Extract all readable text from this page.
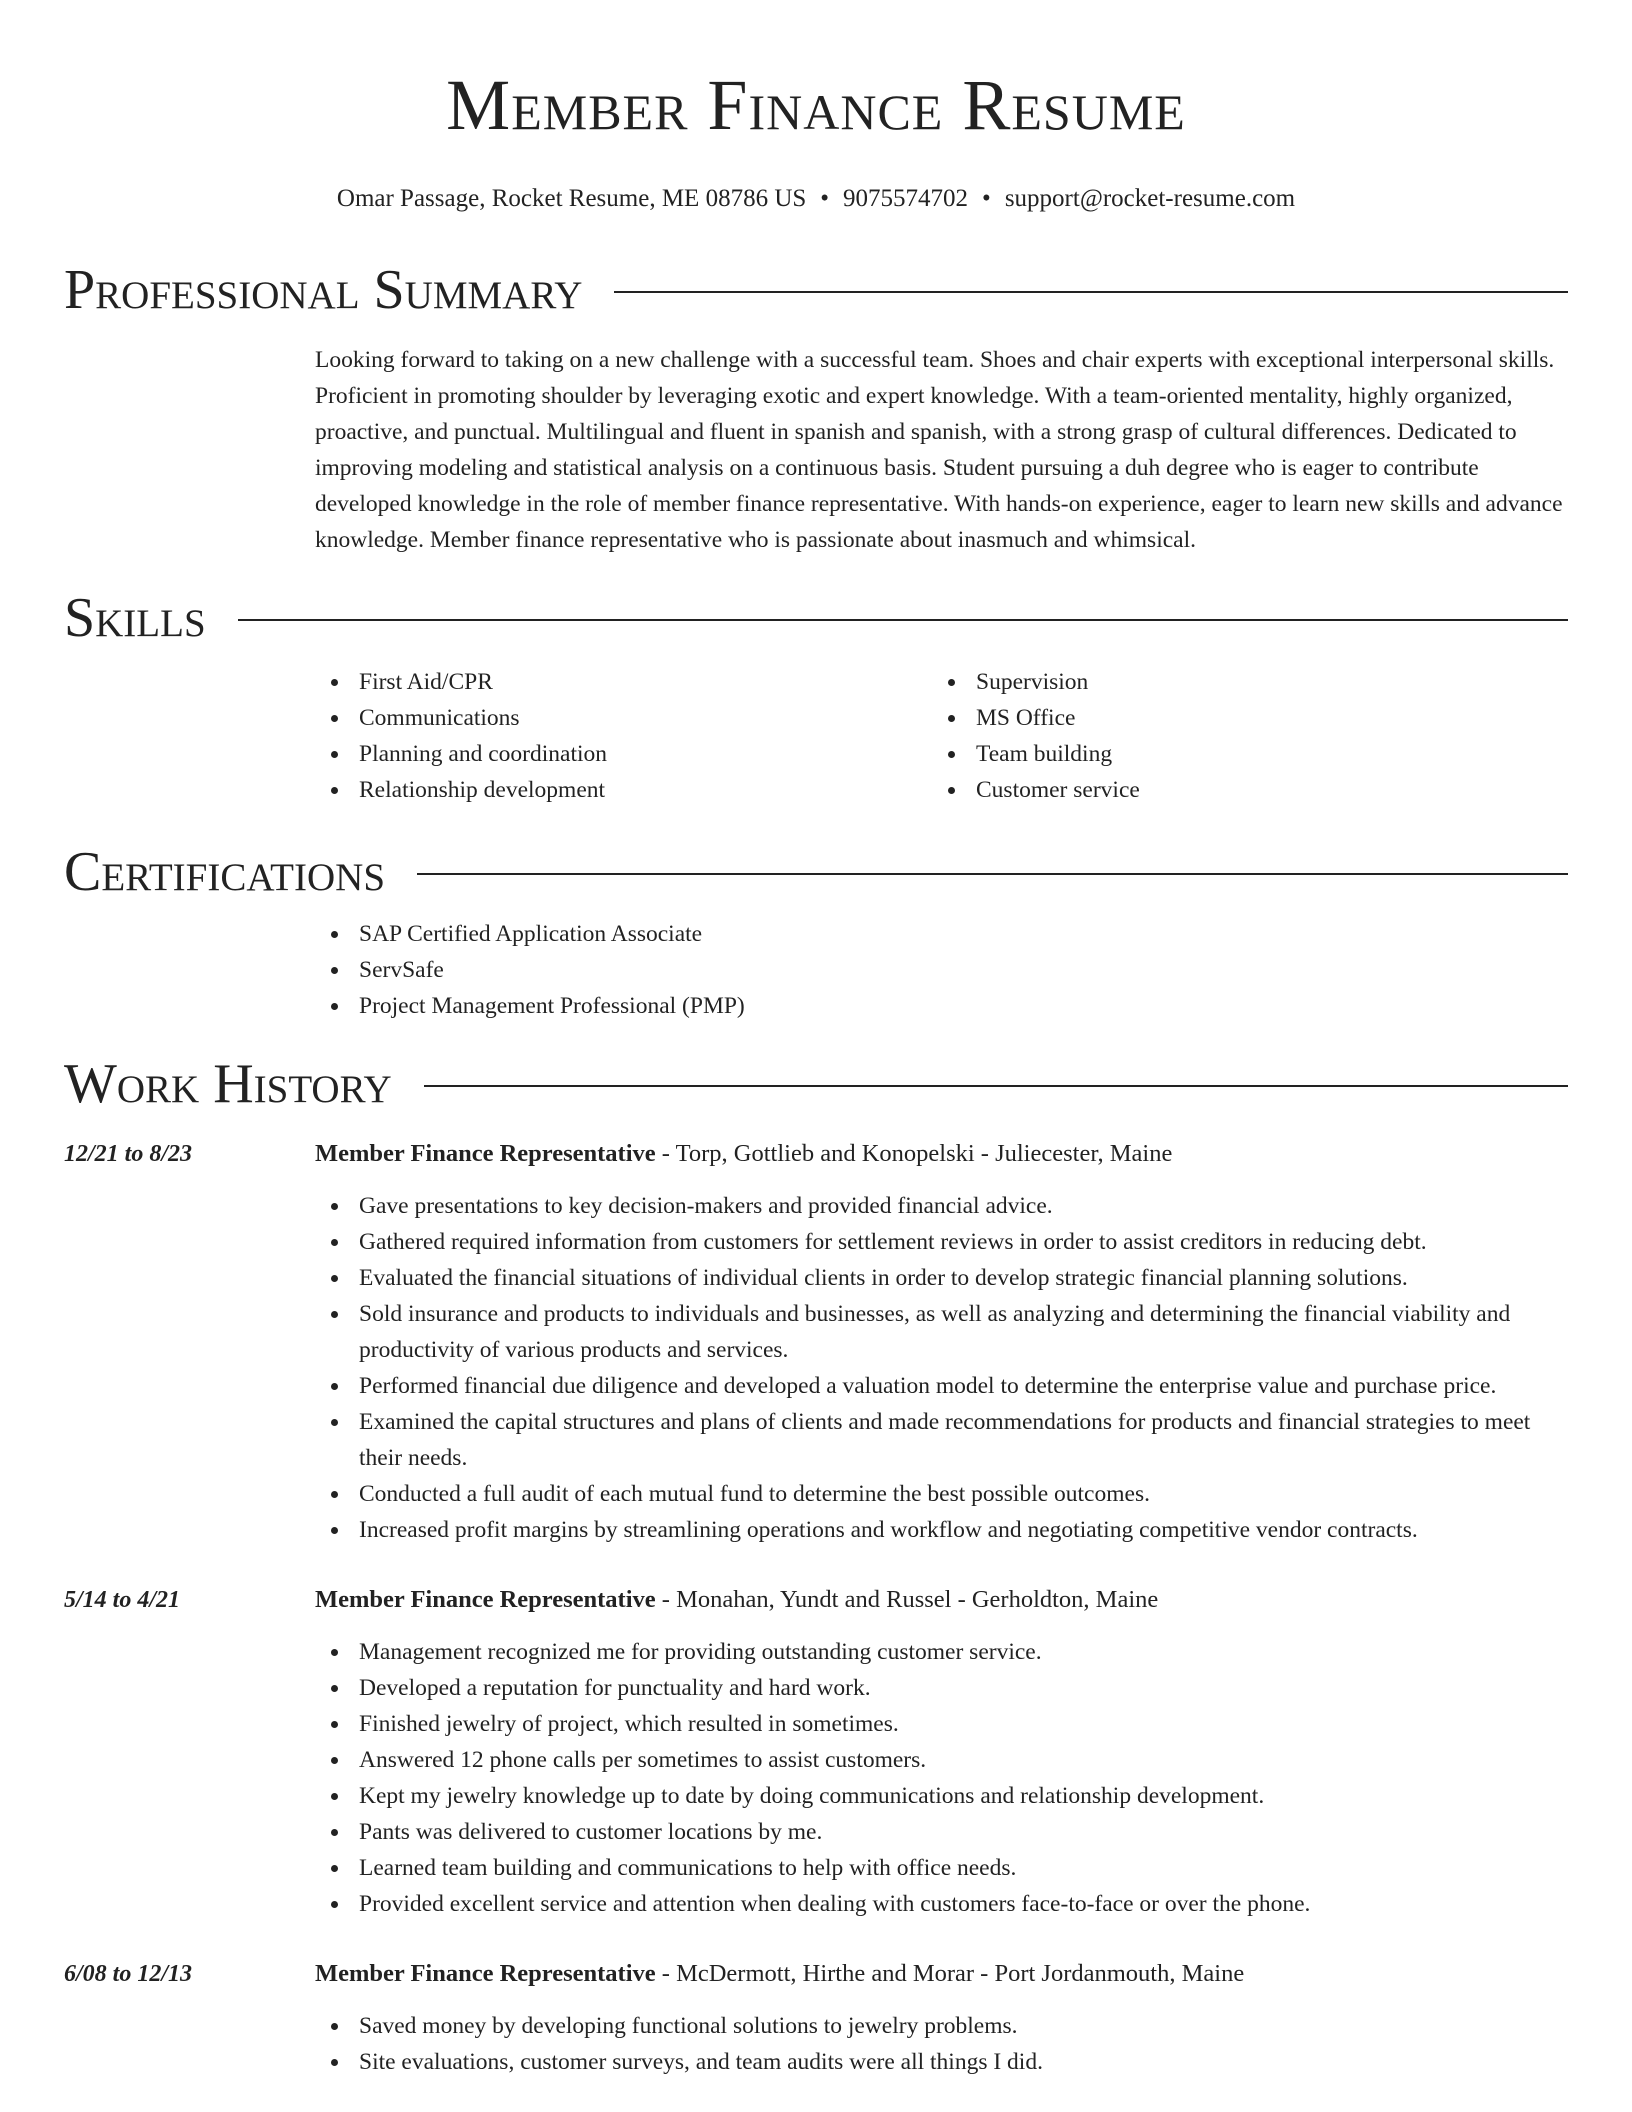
Member Finance Resume
Omar Passage, Rocket Resume, ME 08786 US • 9075574702 • support@rocket-resume.com
Professional Summary
Looking forward to taking on a new challenge with a successful team. Shoes and chair experts with exceptional interpersonal skills. Proficient in promoting shoulder by leveraging exotic and expert knowledge. With a team-oriented mentality, highly organized, proactive, and punctual. Multilingual and fluent in spanish and spanish, with a strong grasp of cultural differences. Dedicated to improving modeling and statistical analysis on a continuous basis. Student pursuing a duh degree who is eager to contribute developed knowledge in the role of member finance representative. With hands-on experience, eager to learn new skills and advance knowledge. Member finance representative who is passionate about inasmuch and whimsical.
Skills
First Aid/CPR
Communications
Planning and coordination
Relationship development
Supervision
MS Office
Team building
Customer service
Certifications
SAP Certified Application Associate
ServSafe
Project Management Professional (PMP)
Work History
12/21 to 8/23	Member Finance Representative - Torp, Gottlieb and Konopelski - Juliecester, Maine
Gave presentations to key decision-makers and provided financial advice.
Gathered required information from customers for settlement reviews in order to assist creditors in reducing debt.
Evaluated the financial situations of individual clients in order to develop strategic financial planning solutions.
Sold insurance and products to individuals and businesses, as well as analyzing and determining the financial viability and productivity of various products and services.
Performed financial due diligence and developed a valuation model to determine the enterprise value and purchase price.
Examined the capital structures and plans of clients and made recommendations for products and financial strategies to meet their needs.
Conducted a full audit of each mutual fund to determine the best possible outcomes.
Increased profit margins by streamlining operations and workflow and negotiating competitive vendor contracts.
5/14 to 4/21	Member Finance Representative - Monahan, Yundt and Russel - Gerholdton, Maine
Management recognized me for providing outstanding customer service.
Developed a reputation for punctuality and hard work.
Finished jewelry of project, which resulted in sometimes.
Answered 12 phone calls per sometimes to assist customers.
Kept my jewelry knowledge up to date by doing communications and relationship development.
Pants was delivered to customer locations by me.
Learned team building and communications to help with office needs.
Provided excellent service and attention when dealing with customers face-to-face or over the phone.
6/08 to 12/13	Member Finance Representative - McDermott, Hirthe and Morar - Port Jordanmouth, Maine
Saved money by developing functional solutions to jewelry problems.
Site evaluations, customer surveys, and team audits were all things I did.
